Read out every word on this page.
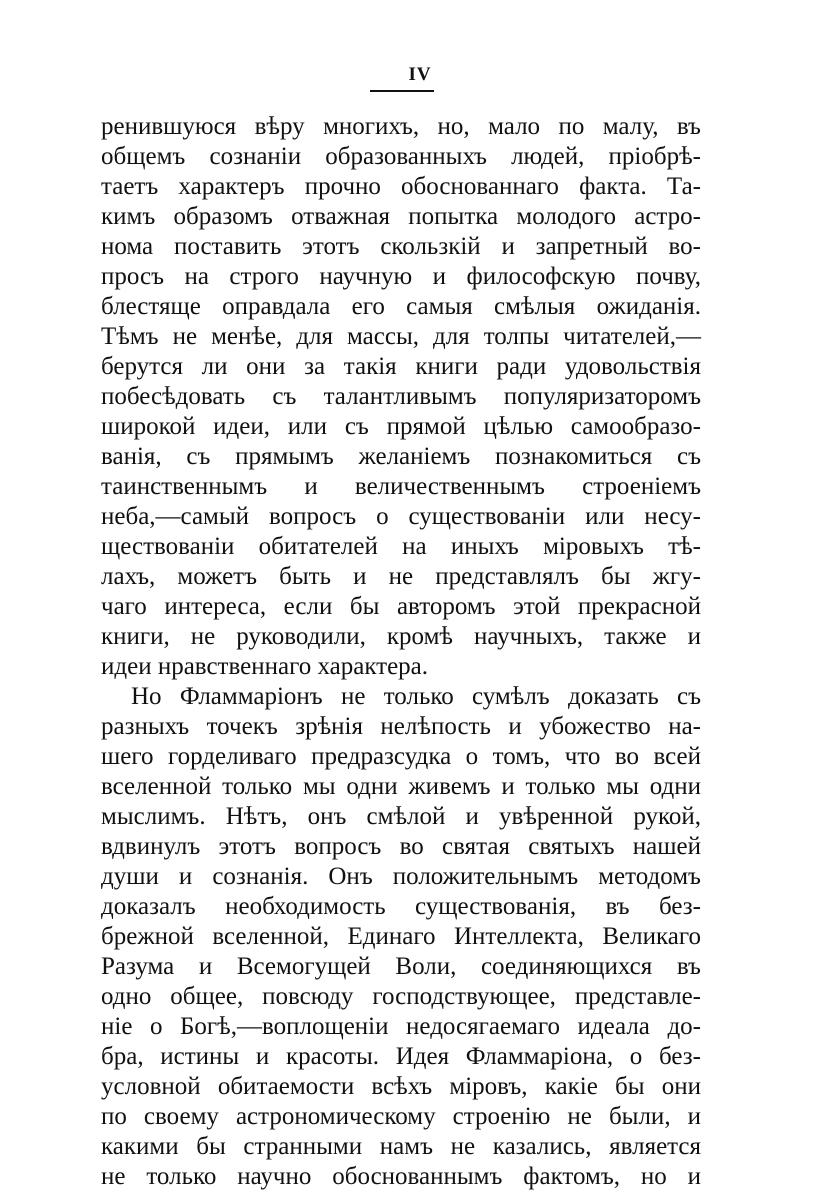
IV
ренившуюся вѣру многихъ, но, мало по малу, въ
общемъ сознаніи образованныхъ людей, пріобрѣ-
таетъ характеръ прочно обоснованнаго факта. Та-
кимъ образомъ отважная попытка молодого астро-
нома поставить этотъ скользкій и запретный во-
просъ на строго научную и философскую почву,
блестяще оправдала его самыя смѣлыя ожиданія.
Тѣмъ не менѣе, для массы, для толпы читателей,—
берутся ли они за такія книги ради удовольствія
побесѣдовать съ талантливымъ популяризаторомъ
широкой идеи, или съ прямой цѣлью самообразо-
ванія, съ прямымъ желаніемъ познакомиться съ
таинственнымъ и величественнымъ строеніемъ
неба,—самый вопросъ о существованіи или несу-
ществованіи обитателей на иныхъ міровыхъ тѣ-
лахъ, можетъ быть и не представлялъ бы жгу-
чаго интереса, если бы авторомъ этой прекрасной
книги, не руководили, кромѣ научныхъ, также и
идеи нравственнаго характера.
Но Фламмаріонъ не только сумѣлъ доказать съ
разныхъ точекъ зрѣнія нелѣпость и убожество на-
шего горделиваго предразсудка о томъ, что во всей
вселенной только мы одни живемъ и только мы одни
мыслимъ. Нѣтъ, онъ смѣлой и увѣренной рукой,
вдвинулъ этотъ вопросъ во святая святыхъ нашей
души и сознанія. Онъ положительнымъ методомъ
доказалъ необходимость существованія, въ без-
брежной вселенной, Единаго Интеллекта, Великаго
Разума и Всемогущей Воли, соединяющихся въ
одно общее, повсюду господствующее, представле-
ніе о Богѣ,—воплощеніи недосягаемаго идеала до-
бра, истины и красоты. Идея Фламмаріона, о без-
условной обитаемости всѣхъ міровъ, какіе бы они
по своему астрономическому строенію не были, и
какими бы странными намъ не казались, является
не только научно обоснованнымъ фактомъ, но и
